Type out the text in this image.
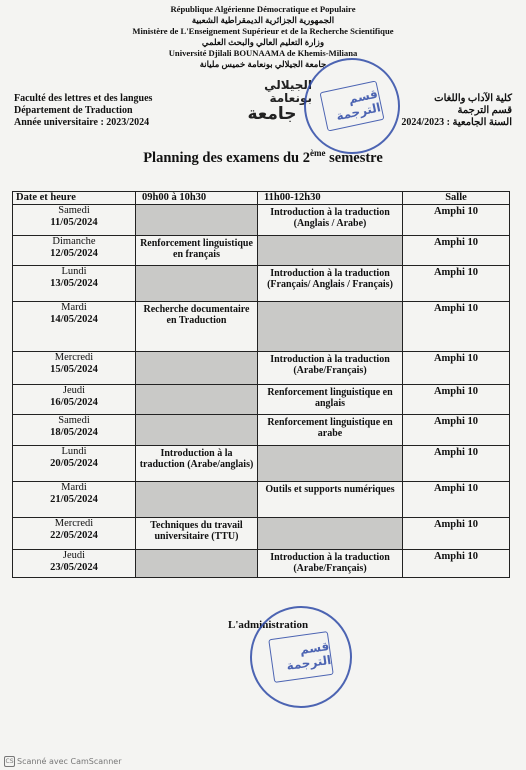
République Algérienne Démocratique et Populaire
الجمهورية الجزائرية الديمقراطية الشعبية
Ministère de L'Enseignement Supérieur et de la Recherche Scientifique
وزارة التعليم العالي والبحث العلمي
Université Djilali BOUNAAMA de Khemis-Miliana
جامعة الجيلالي بونعامة خميس مليانة
الجيلالي بونعامة
جامعة
قسم الترجمة
Faculté des lettres et des langues
Département de Traduction
Année universitaire : 2023/2024
كلية الآداب واللغات
قسم الترجمة
السنة الجامعية : 2024/2023
Planning des examens du 2ème semestre
Date et heure	09h00 à 10h30	11h00-12h30	Salle

Samedi
11/05/2024		Introduction à la traduction (Anglais / Arabe)	Amphi 10

Dimanche
12/05/2024	Renforcement linguistique en français		Amphi 10

Lundi
13/05/2024		Introduction à la traduction (Français/ Anglais / Français)	Amphi 10

Mardi
14/05/2024	Recherche documentaire en Traduction		Amphi 10

Mercredi
15/05/2024		Introduction à la traduction (Arabe/Français)	Amphi 10

Jeudi
16/05/2024		Renforcement linguistique en anglais	Amphi 10

Samedi
18/05/2024		Renforcement linguistique en arabe	Amphi 10

Lundi
20/05/2024	Introduction à la traduction (Arabe/anglais)		Amphi 10

Mardi
21/05/2024		Outils et supports numériques	Amphi 10

Mercredi
22/05/2024	Techniques du travail universitaire (TTU)		Amphi 10

Jeudi
23/05/2024		Introduction à la traduction (Arabe/Français)	Amphi 10
L'administration
قسم الترجمة
CS Scanné avec CamScanner
